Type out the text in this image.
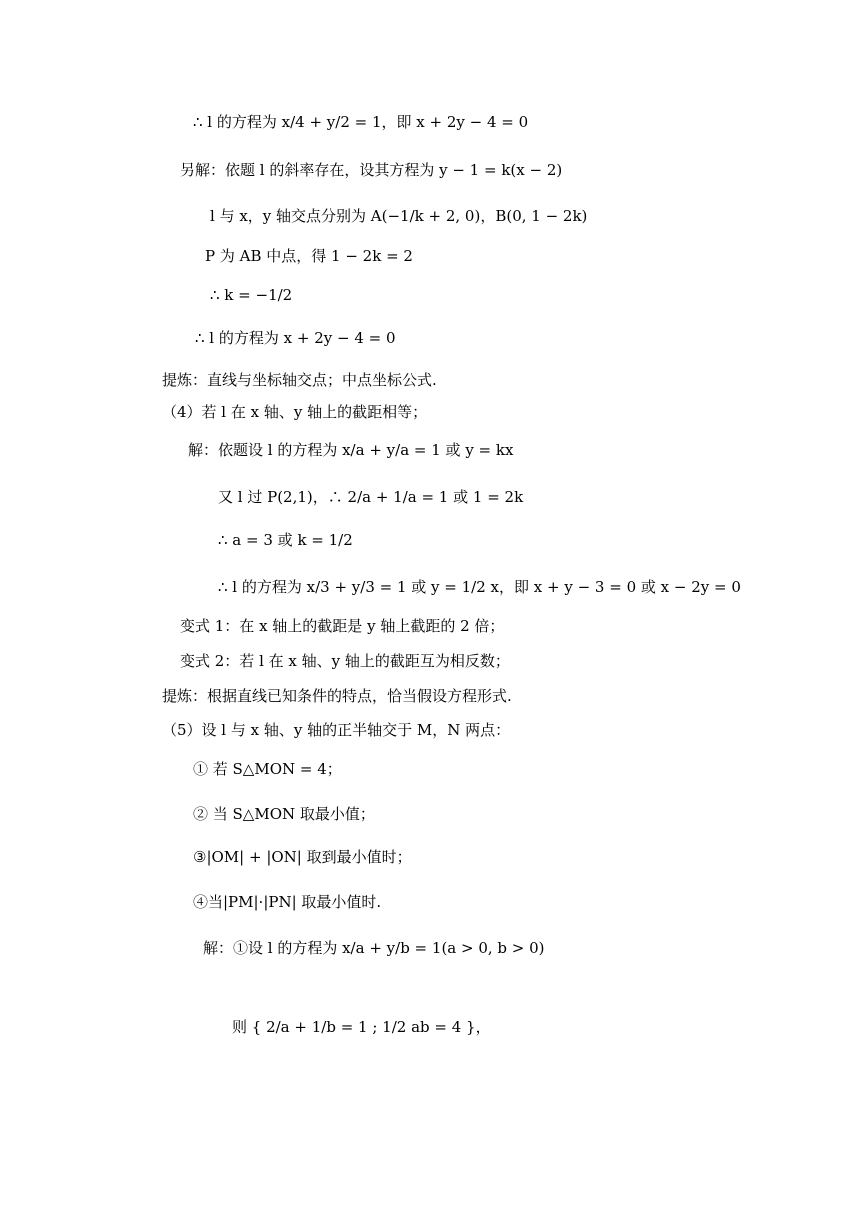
∴ l 的方程为 x/4 + y/2 = 1，即 x + 2y − 4 = 0
另解：依题 l 的斜率存在，设其方程为 y − 1 = k(x − 2)
l 与 x，y 轴交点分别为 A(−1/k + 2, 0)，B(0, 1 − 2k)
P 为 AB 中点，得 1 − 2k = 2
∴ k = −1/2
∴ l 的方程为 x + 2y − 4 = 0
提炼：直线与坐标轴交点；中点坐标公式.
（4）若 l 在 x 轴、y 轴上的截距相等；
解：依题设 l 的方程为 x/a + y/a = 1 或 y = kx
又 l 过 P(2,1)，∴ 2/a + 1/a = 1 或 1 = 2k
∴ a = 3 或 k = 1/2
∴ l 的方程为 x/3 + y/3 = 1 或 y = 1/2 x，即 x + y − 3 = 0 或 x − 2y = 0
变式 1：在 x 轴上的截距是 y 轴上截距的 2 倍；
变式 2：若 l 在 x 轴、y 轴上的截距互为相反数；
提炼：根据直线已知条件的特点，恰当假设方程形式.
（5）设 l 与 x 轴、y 轴的正半轴交于 M，N 两点：
① 若 S△MON = 4；
② 当 S△MON 取最小值；
③|OM| + |ON| 取到最小值时；
④当|PM|·|PN| 取最小值时.
解：①设 l 的方程为 x/a + y/b = 1(a > 0, b > 0)
则 { 2/a + 1/b = 1 ; 1/2 ab = 4 }，
